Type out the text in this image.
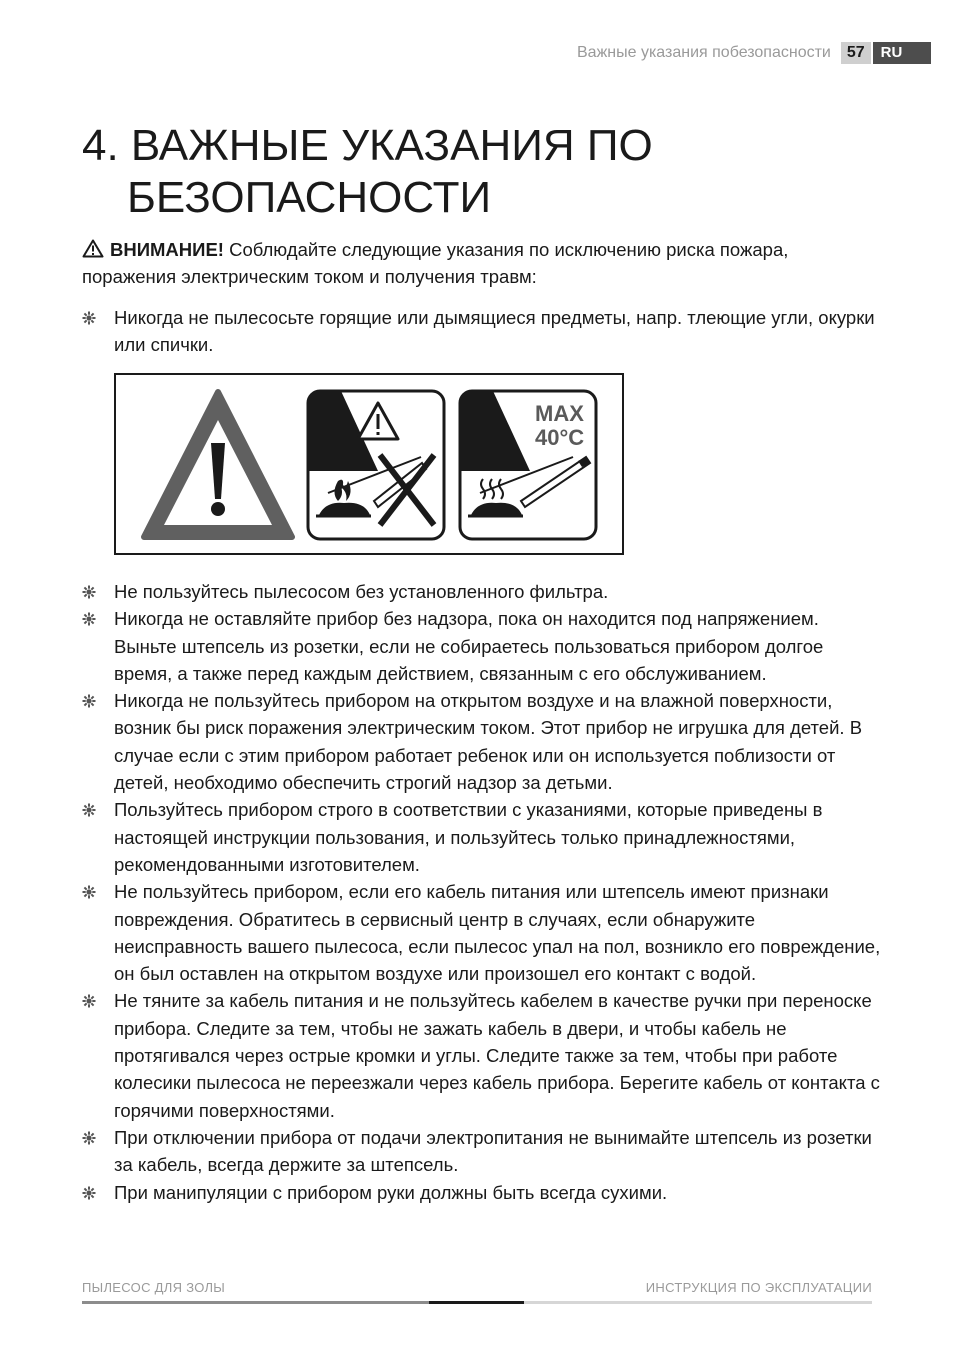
Важные указания побезопасности	57	RU
4. ВАЖНЫЕ УКАЗАНИЯ ПО
БЕЗОПАСНОСТИ
ВНИМАНИЕ! Соблюдайте следующие указания по исключению риска пожара, поражения электрическим током и получения травм:
Никогда не пылесосьте горящие или дымящиеся предметы, напр. тлеющие угли, окурки или спички.
MAX
40°C
Не пользуйтесь пылесосом без установленного фильтра.
Никогда не оставляйте прибор без надзора, пока он находится под напряжением. Выньте штепсель из розетки, если не собираетесь пользоваться прибором долгое время, а также перед каждым действием, связанным с его обслуживанием.
Никогда не пользуйтесь прибором на открытом воздухе и на влажной поверхности, возник бы риск поражения электрическим током. Этот прибор не игрушка для детей. В случае если с этим прибором работает ребенок или он используется поблизости от детей, необходимо обеспечить строгий надзор за детьми.
Пользуйтесь прибором строго в соответствии с указаниями, которые приведены в настоящей инструкции пользования, и пользуйтесь только принадлежностями, рекомендованными изготовителем.
Не пользуйтесь прибором, если его кабель питания или штепсель имеют признаки повреждения. Обратитесь в сервисный центр в случаях, если обнаружите неисправность вашего пылесоса, если пылесос упал на пол, возникло его повреждение, он был оставлен на открытом воздухе или произошел его контакт с водой.
Не тяните за кабель питания и не пользуйтесь кабелем в качестве ручки при переноске прибора. Следите за тем, чтобы не зажать кабель в двери, и чтобы кабель не протягивался через острые кромки и углы. Следите также за тем, чтобы при работе колесики пылесоса не переезжали через кабель прибора. Берегите кабель от контакта с горячими поверхностями.
При отключении прибора от подачи электропитания не вынимайте штепсель из розетки за кабель, всегда держите за штепсель.
При манипуляции с прибором руки должны быть всегда сухими.
ПЫЛЕСОС ДЛЯ ЗОЛЫ	ИНСТРУКЦИЯ ПО ЭКСПЛУАТАЦИИ
